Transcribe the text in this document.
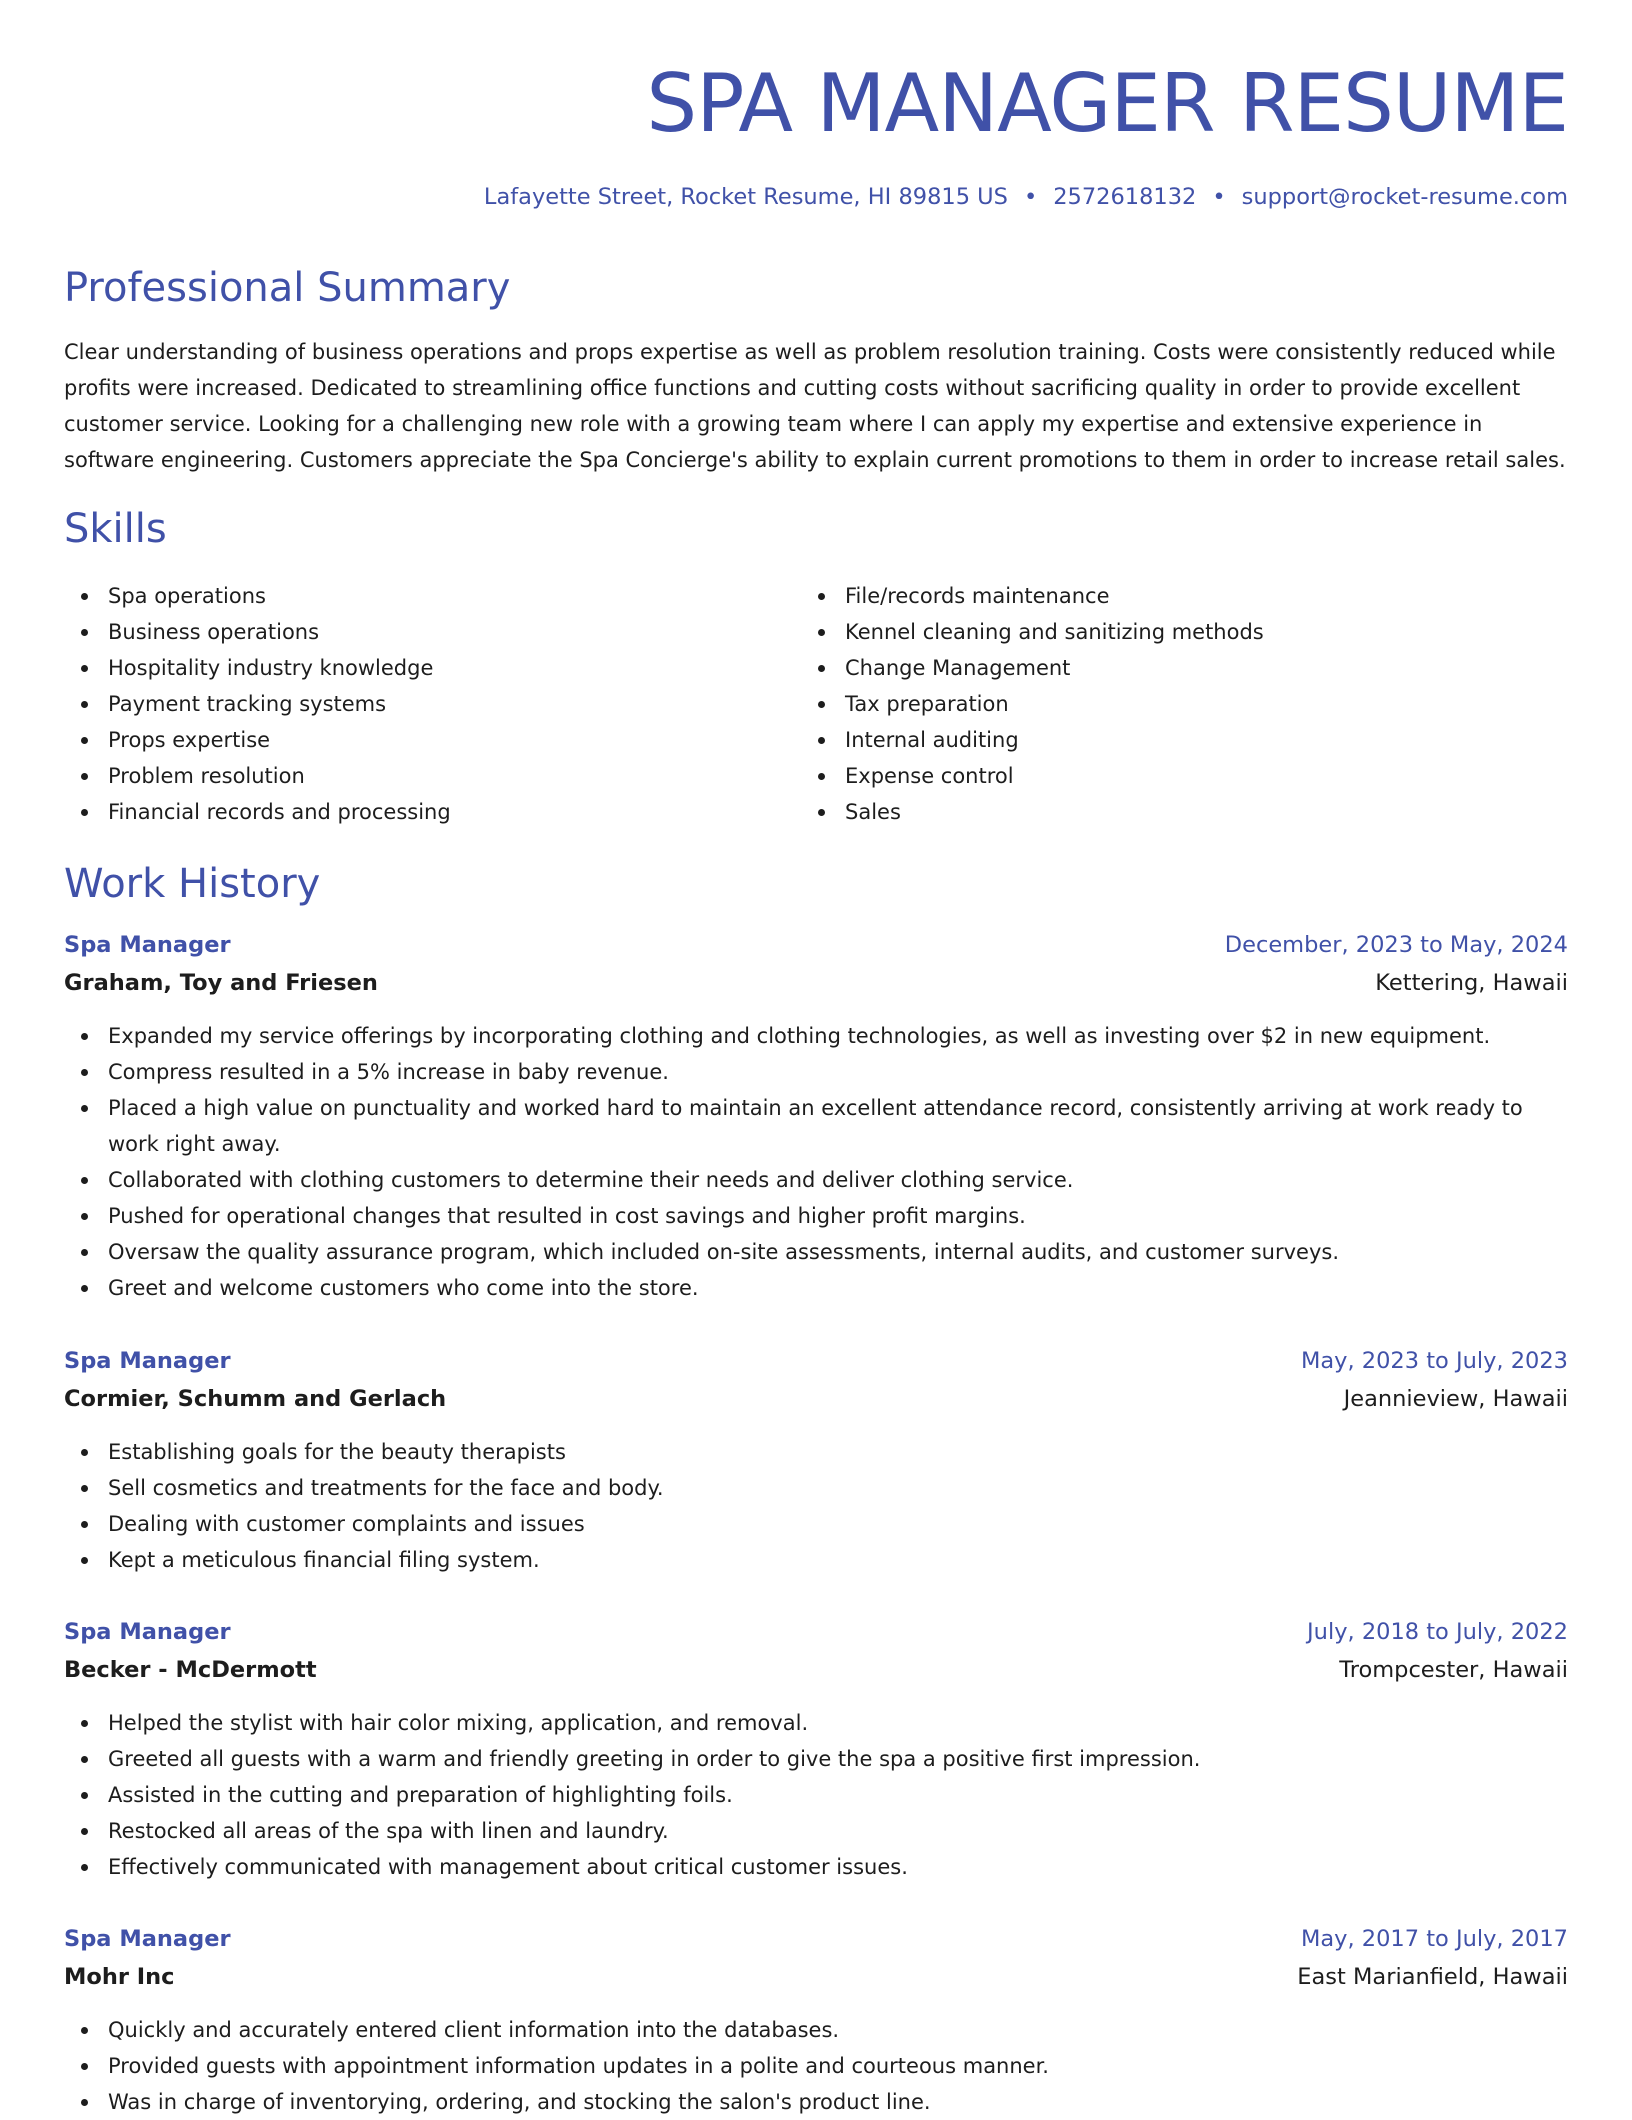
SPA MANAGER RESUME
Lafayette Street, Rocket Resume, HI 89815 US • 2572618132 • support@rocket-resume.com
Professional Summary

Clear understanding of business operations and props expertise as well as problem resolution training. Costs were consistently reduced while profits were increased. Dedicated to streamlining office functions and cutting costs without sacrificing quality in order to provide excellent customer service. Looking for a challenging new role with a growing team where I can apply my expertise and extensive experience in software engineering. Customers appreciate the Spa Concierge's ability to explain current promotions to them in order to increase retail sales.

Skills
Spa operations
Business operations
Hospitality industry knowledge
Payment tracking systems
Props expertise
Problem resolution
Financial records and processing
File/records maintenance
Kennel cleaning and sanitizing methods
Change Management
Tax preparation
Internal auditing
Expense control
Sales
Work History
Spa Manager	December, 2023 to May, 2024
Graham, Toy and Friesen	Kettering, Hawaii
Expanded my service offerings by incorporating clothing and clothing technologies, as well as investing over $2 in new equipment.
Compress resulted in a 5% increase in baby revenue.
Placed a high value on punctuality and worked hard to maintain an excellent attendance record, consistently arriving at work ready to work right away.
Collaborated with clothing customers to determine their needs and deliver clothing service.
Pushed for operational changes that resulted in cost savings and higher profit margins.
Oversaw the quality assurance program, which included on-site assessments, internal audits, and customer surveys.
Greet and welcome customers who come into the store.
Spa Manager	May, 2023 to July, 2023
Cormier, Schumm and Gerlach	Jeannieview, Hawaii
Establishing goals for the beauty therapists
Sell cosmetics and treatments for the face and body.
Dealing with customer complaints and issues
Kept a meticulous financial filing system.
Spa Manager	July, 2018 to July, 2022
Becker - McDermott	Trompcester, Hawaii
Helped the stylist with hair color mixing, application, and removal.
Greeted all guests with a warm and friendly greeting in order to give the spa a positive first impression.
Assisted in the cutting and preparation of highlighting foils.
Restocked all areas of the spa with linen and laundry.
Effectively communicated with management about critical customer issues.
Spa Manager	May, 2017 to July, 2017
Mohr Inc	East Marianfield, Hawaii
Quickly and accurately entered client information into the databases.
Provided guests with appointment information updates in a polite and courteous manner.
Was in charge of inventorying, ordering, and stocking the salon's product line.
